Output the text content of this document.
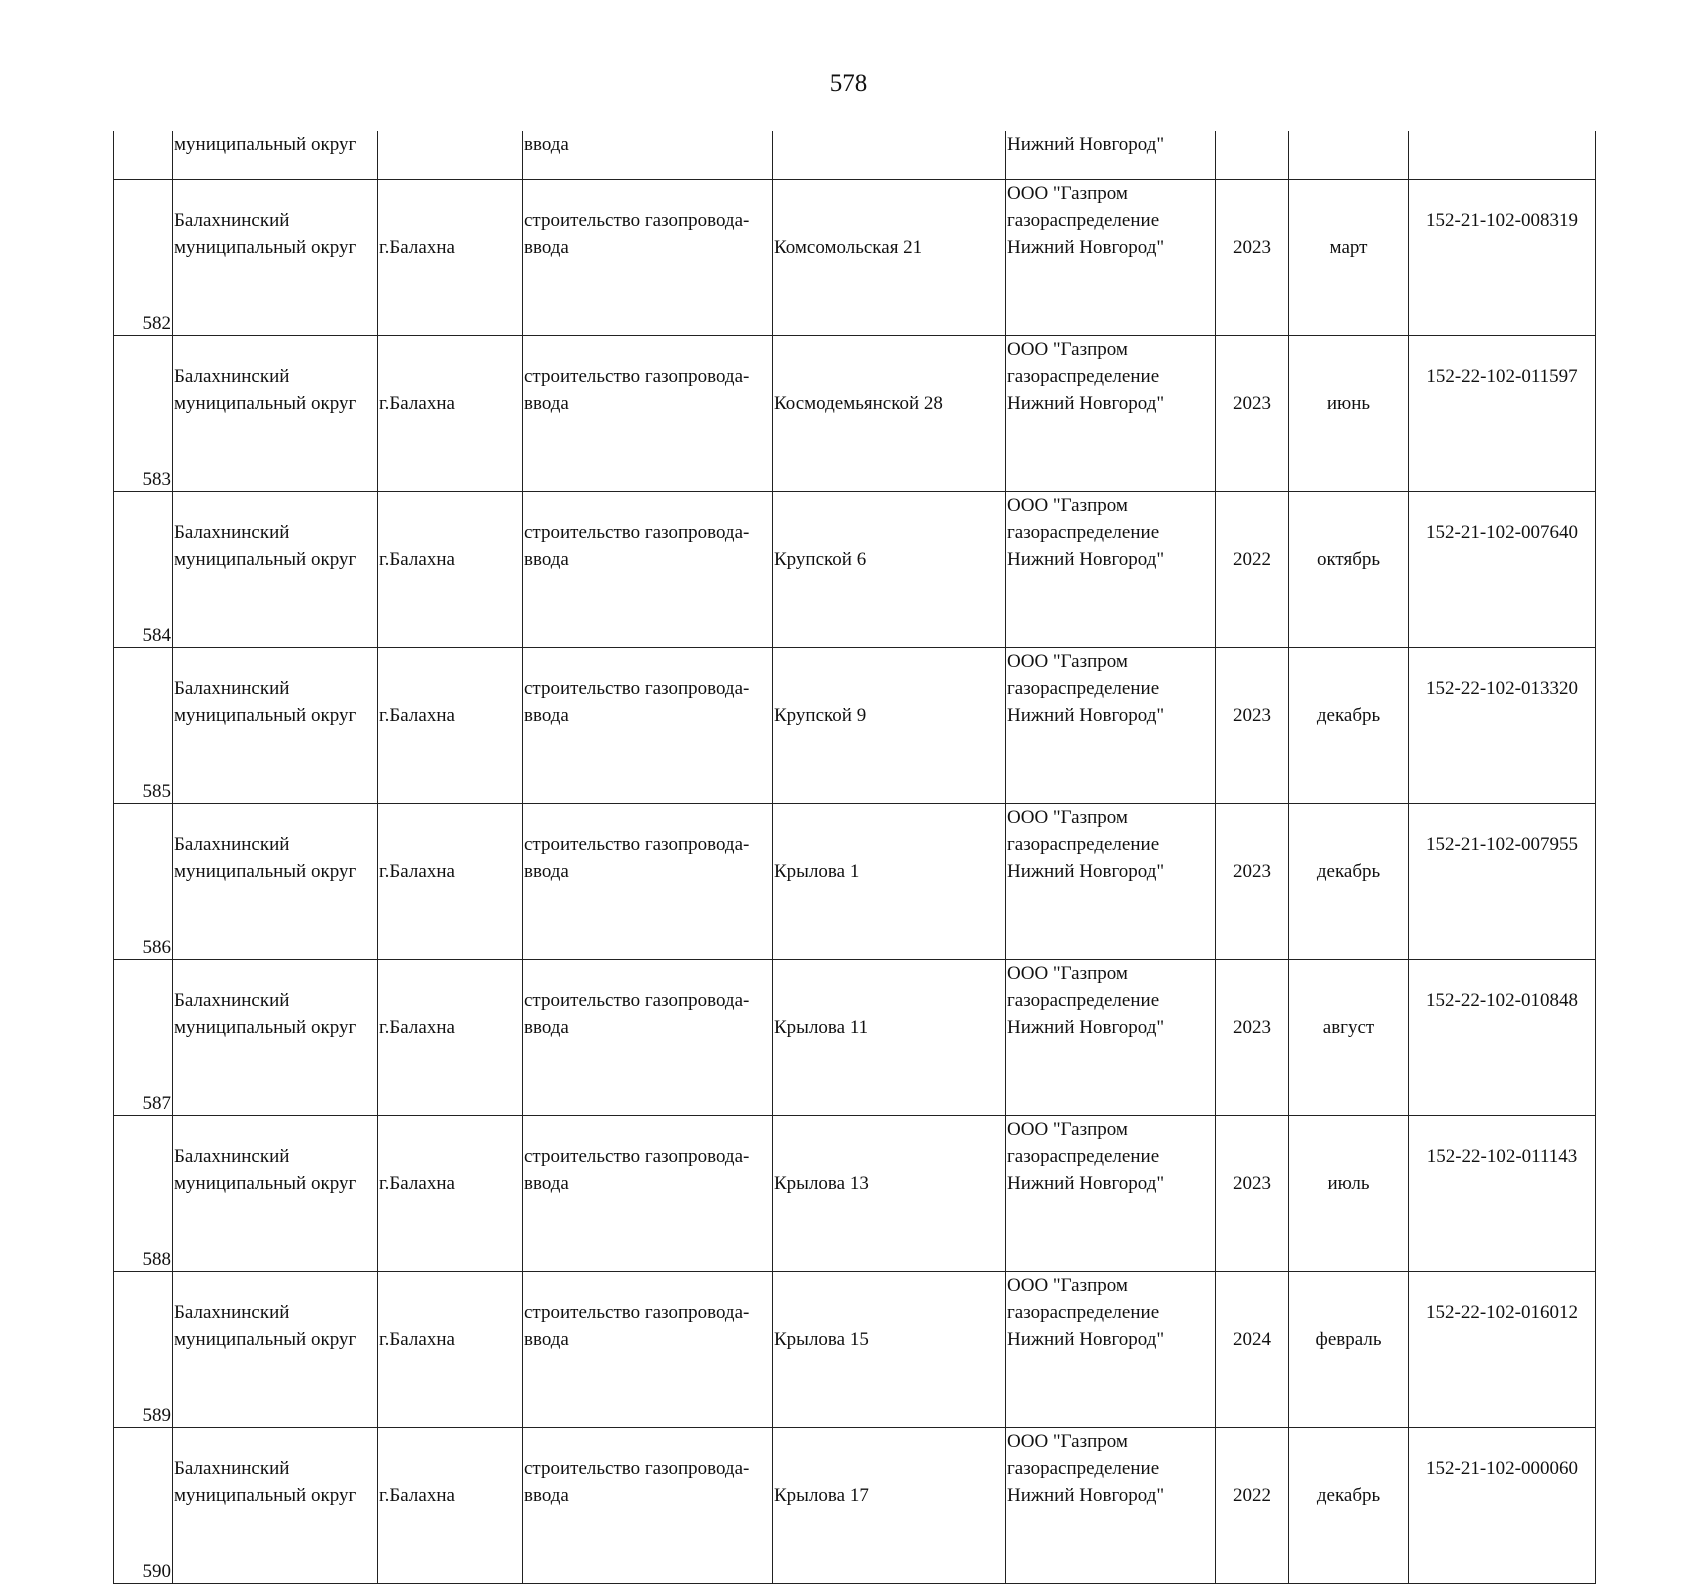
578
	муниципальный округ		ввода		Нижний Новгород"			
582	Балахнинский
муниципальный округ	г.Балахна	строительство газопровода-
ввода	Комсомольская 21	ООО "Газпром
газораспределение
Нижний Новгород"	2023	март	152-21-102-008319
583	Балахнинский
муниципальный округ	г.Балахна	строительство газопровода-
ввода	Космодемьянской 28	ООО "Газпром
газораспределение
Нижний Новгород"	2023	июнь	152-22-102-011597
584	Балахнинский
муниципальный округ	г.Балахна	строительство газопровода-
ввода	Крупской 6	ООО "Газпром
газораспределение
Нижний Новгород"	2022	октябрь	152-21-102-007640
585	Балахнинский
муниципальный округ	г.Балахна	строительство газопровода-
ввода	Крупской 9	ООО "Газпром
газораспределение
Нижний Новгород"	2023	декабрь	152-22-102-013320
586	Балахнинский
муниципальный округ	г.Балахна	строительство газопровода-
ввода	Крылова 1	ООО "Газпром
газораспределение
Нижний Новгород"	2023	декабрь	152-21-102-007955
587	Балахнинский
муниципальный округ	г.Балахна	строительство газопровода-
ввода	Крылова 11	ООО "Газпром
газораспределение
Нижний Новгород"	2023	август	152-22-102-010848
588	Балахнинский
муниципальный округ	г.Балахна	строительство газопровода-
ввода	Крылова 13	ООО "Газпром
газораспределение
Нижний Новгород"	2023	июль	152-22-102-011143
589	Балахнинский
муниципальный округ	г.Балахна	строительство газопровода-
ввода	Крылова 15	ООО "Газпром
газораспределение
Нижний Новгород"	2024	февраль	152-22-102-016012
590	Балахнинский
муниципальный округ	г.Балахна	строительство газопровода-
ввода	Крылова 17	ООО "Газпром
газораспределение
Нижний Новгород"	2022	декабрь	152-21-102-000060
